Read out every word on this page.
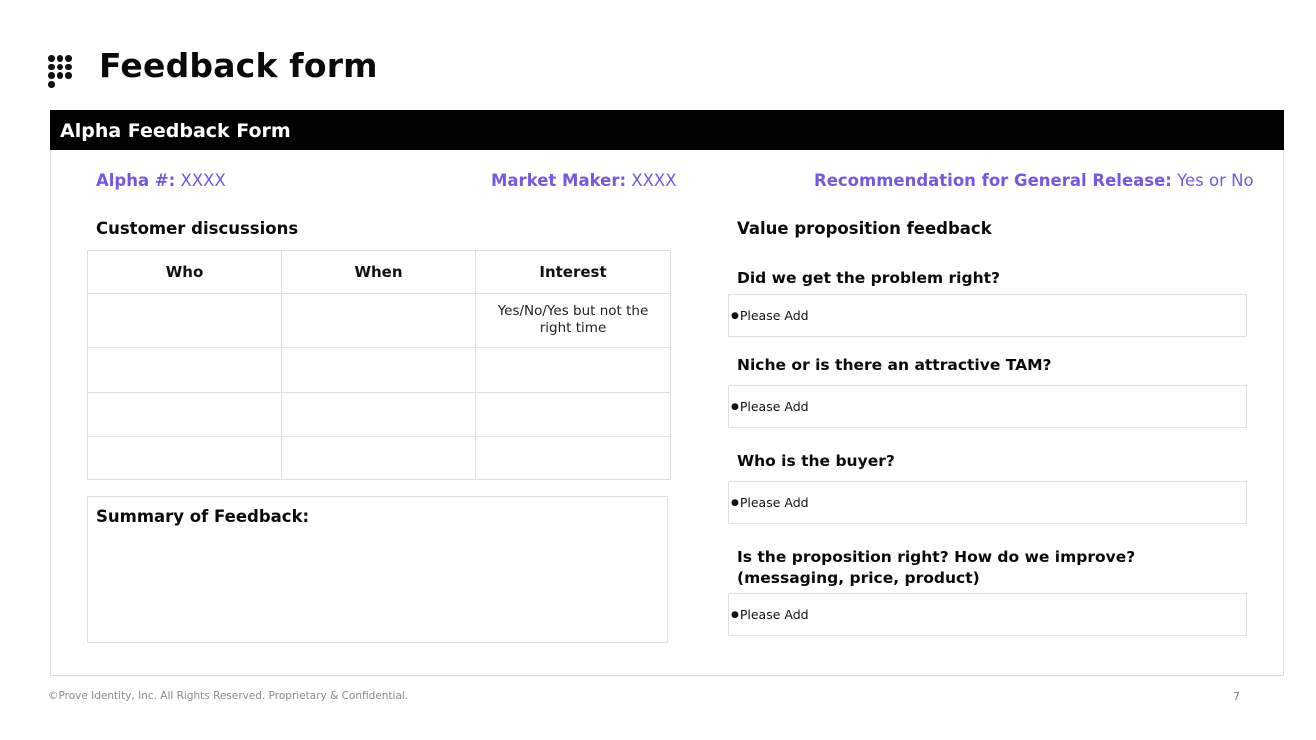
Feedback form
Alpha Feedback Form
Alpha #: XXXX	Market Maker: XXXX	Recommendation for General Release: Yes or No
Customer discussions
Who	When	Interest
		Yes/No/Yes but not the right time

Summary of Feedback:
Value proposition feedback
Did we get the problem right?
● Please Add
Niche or is there an attractive TAM?
● Please Add
Who is the buyer?
● Please Add
Is the proposition right? How do we improve? (messaging, price, product)
● Please Add
©Prove Identity, Inc. All Rights Reserved. Proprietary & Confidential.	7
